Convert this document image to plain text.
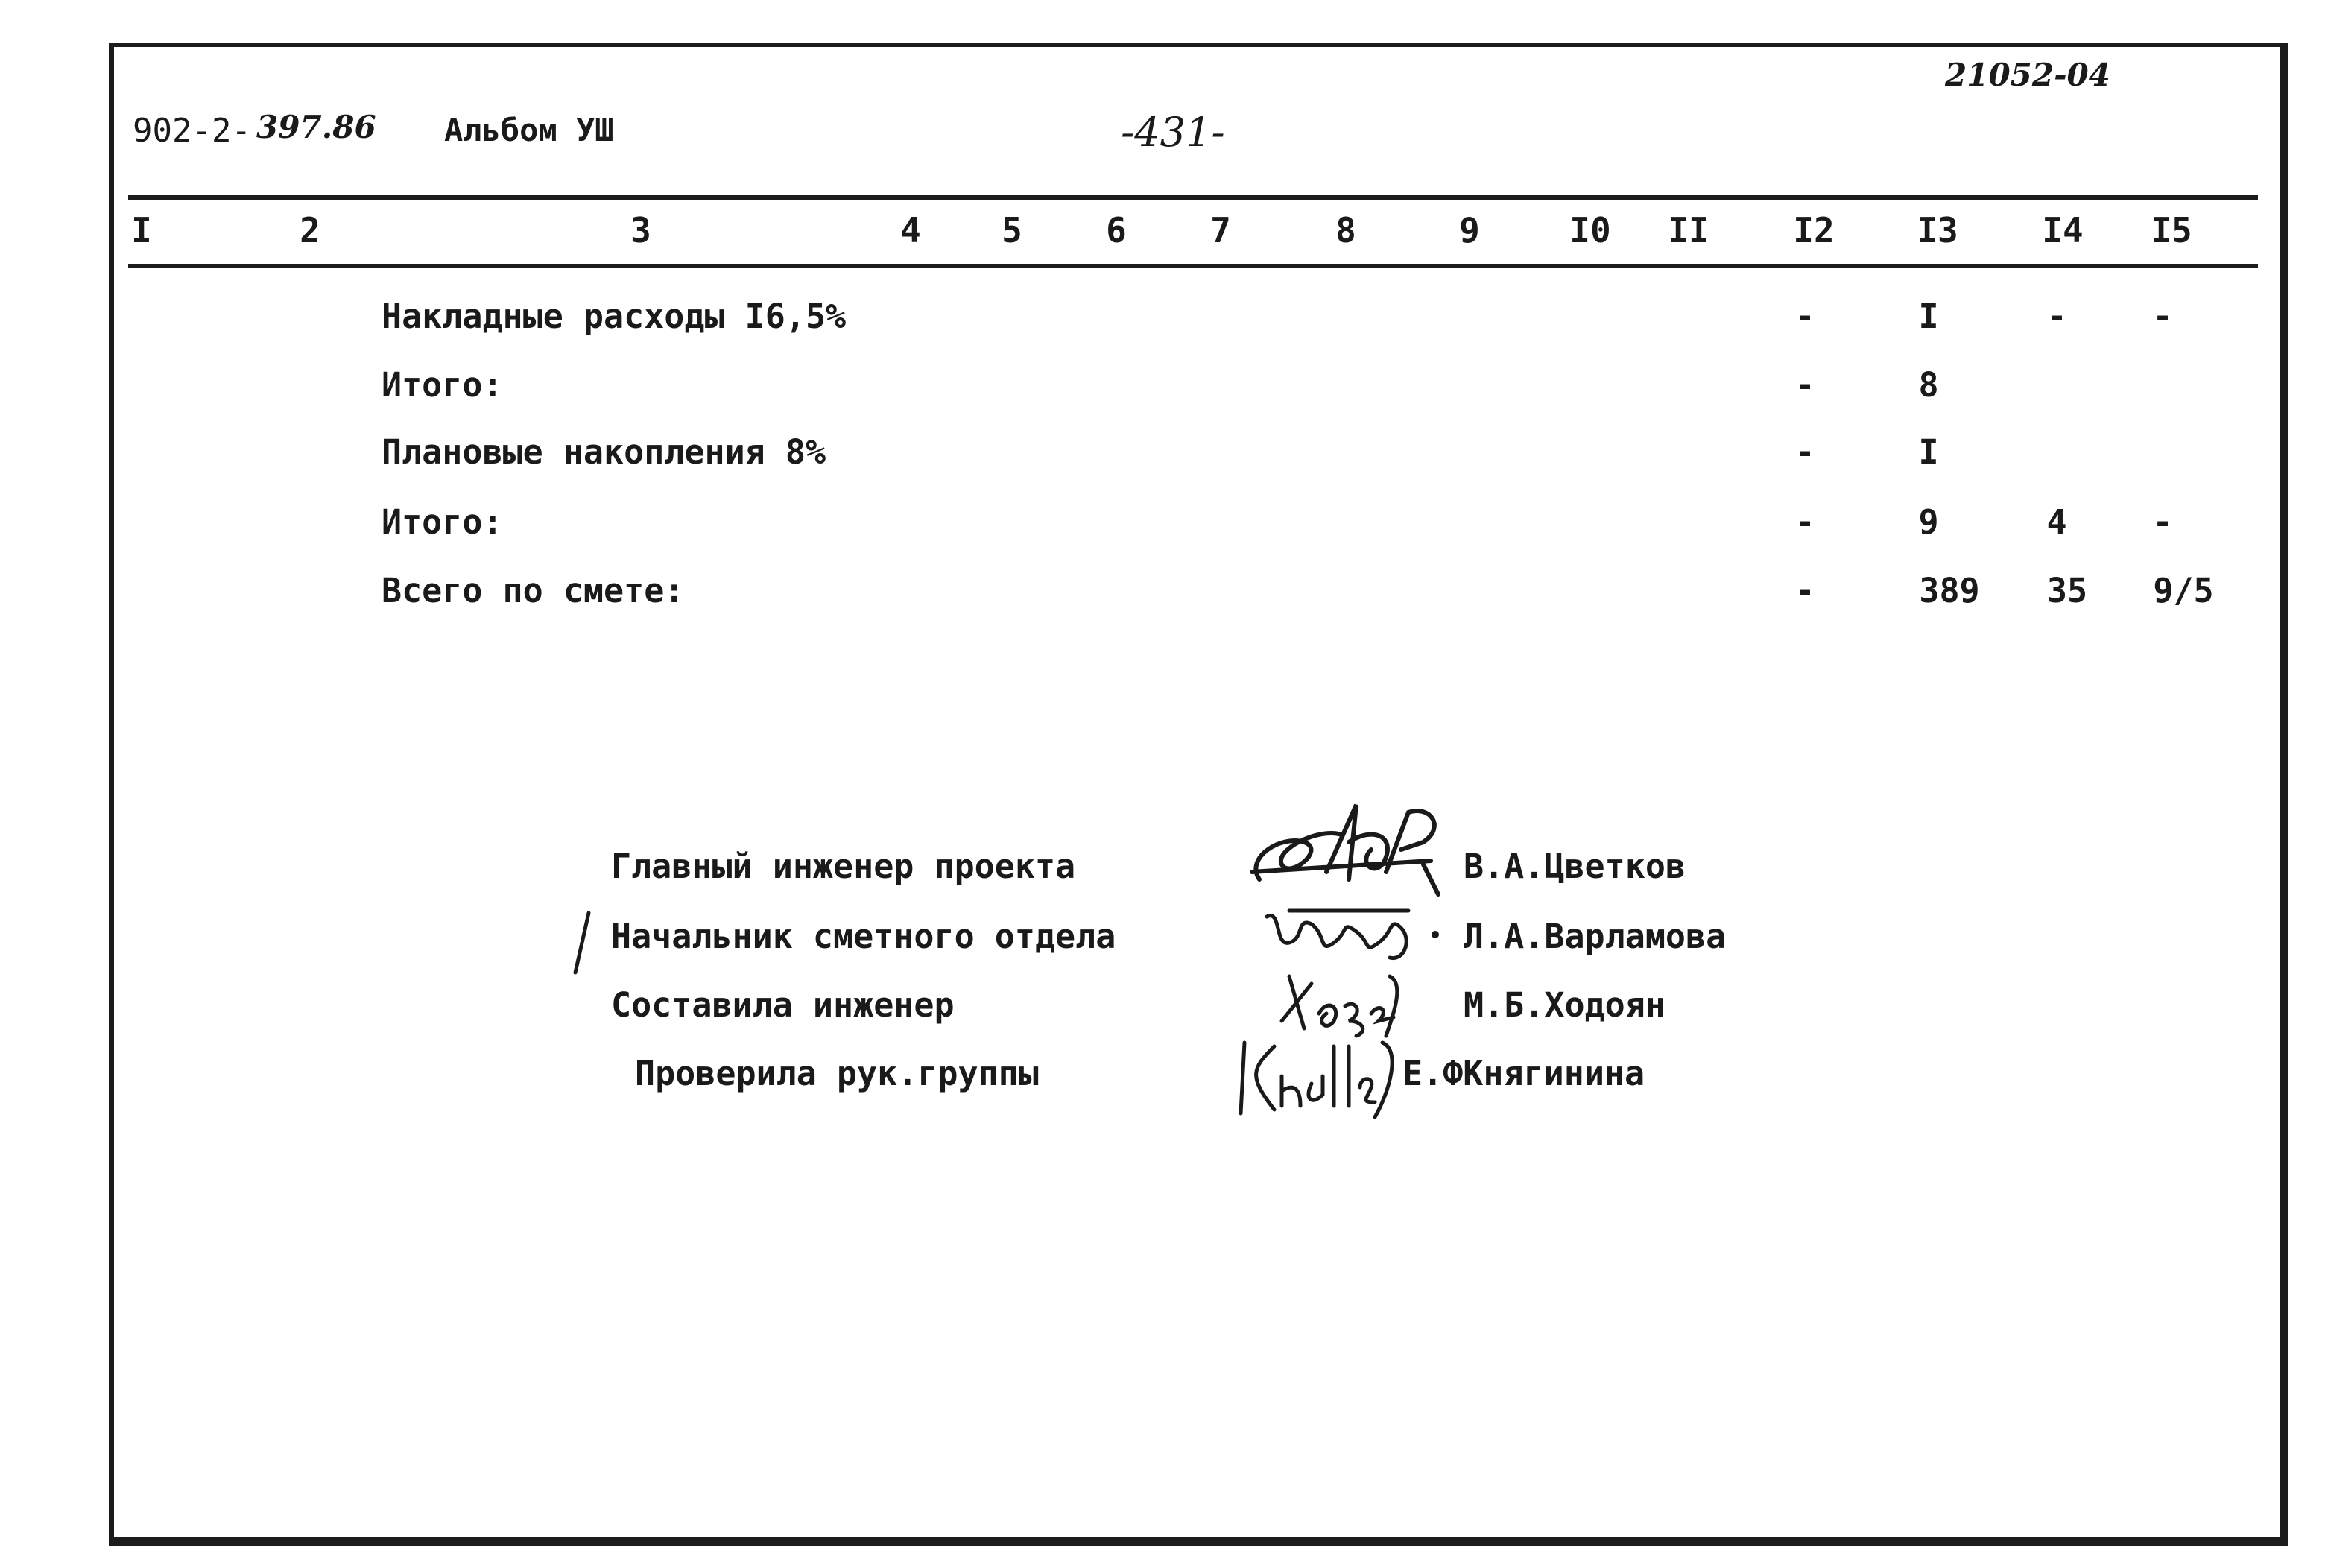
902-2- 397.86 Альбом УШ	-431-
21052-04
I	2	3	4 5 6 7	8	9	I0 II I2 I3 I4 I5
Накладные расходы I6,5%	-	I	-	-
Итого:	-	8
Плановые накопления 8%	-	I
Итого:	-	9	4	-
Всего по смете:	-	389 35 9/5
Главный инженер проекта
Начальник сметного отдела
Составила инженер
Проверила рук.группы
В.А.Цветков
Л.А.Варламова
М.Б.Ходоян
Е.ФКнягинина
